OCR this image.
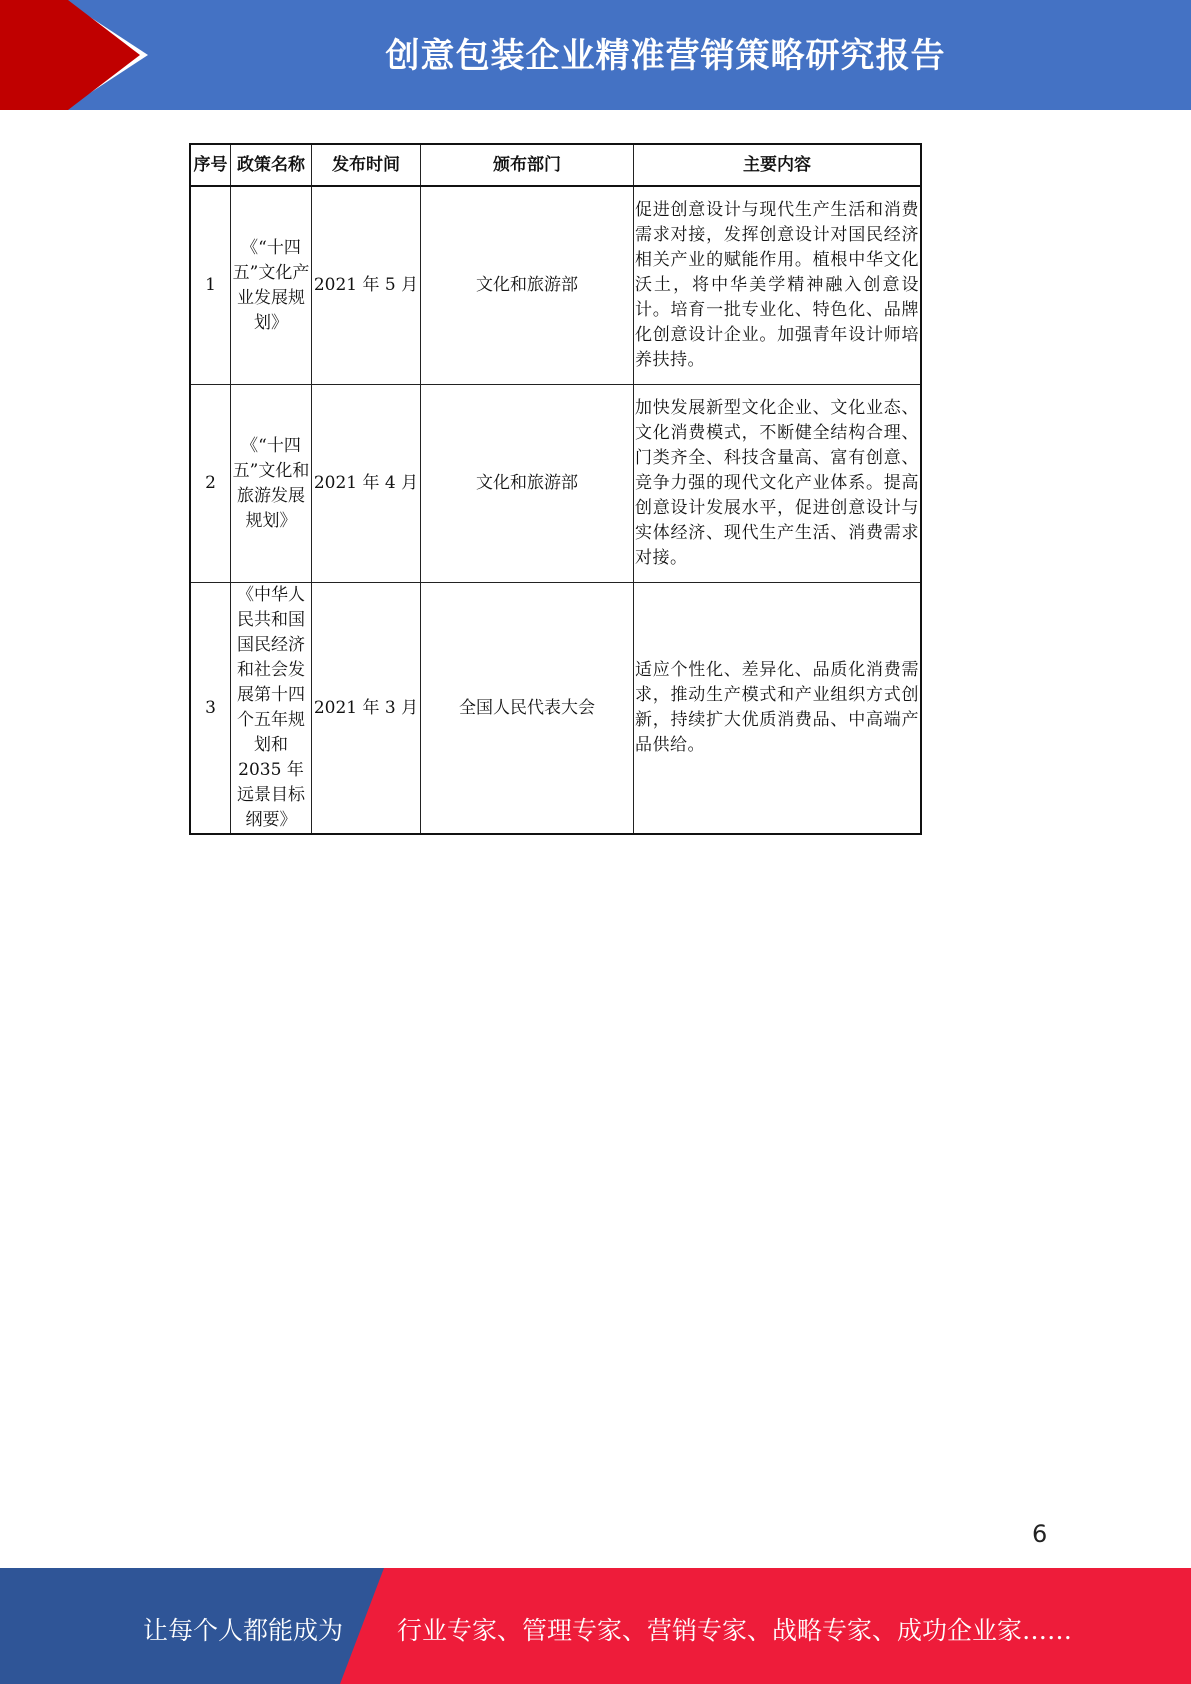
创意包装企业精准营销策略研究报告
序号	政策名称	发布时间	颁布部门	主要内容
1	《“十四五”文化产业发展规划》	2021 年 5 月	文化和旅游部	促进创意设计与现代生产生活和消费需求对接，发挥创意设计对国民经济相关产业的赋能作用。植根中华文化沃土，将中华美学精神融入创意设计。培育一批专业化、特色化、品牌化创意设计企业。加强青年设计师培养扶持。
2	《“十四五”文化和旅游发展规划》	2021 年 4 月	文化和旅游部	加快发展新型文化企业、文化业态、文化消费模式，不断健全结构合理、门类齐全、科技含量高、富有创意、竞争力强的现代文化产业体系。提高创意设计发展水平，促进创意设计与实体经济、现代生产生活、消费需求对接。
3	《中华人民共和国国民经济和社会发展第十四个五年规划和 2035 年远景目标纲要》	2021 年 3 月	全国人民代表大会	适应个性化、差异化、品质化消费需求，推动生产模式和产业组织方式创新，持续扩大优质消费品、中高端产品供给。
6
让每个人都能成为 行业专家、管理专家、营销专家、战略专家、成功企业家……
